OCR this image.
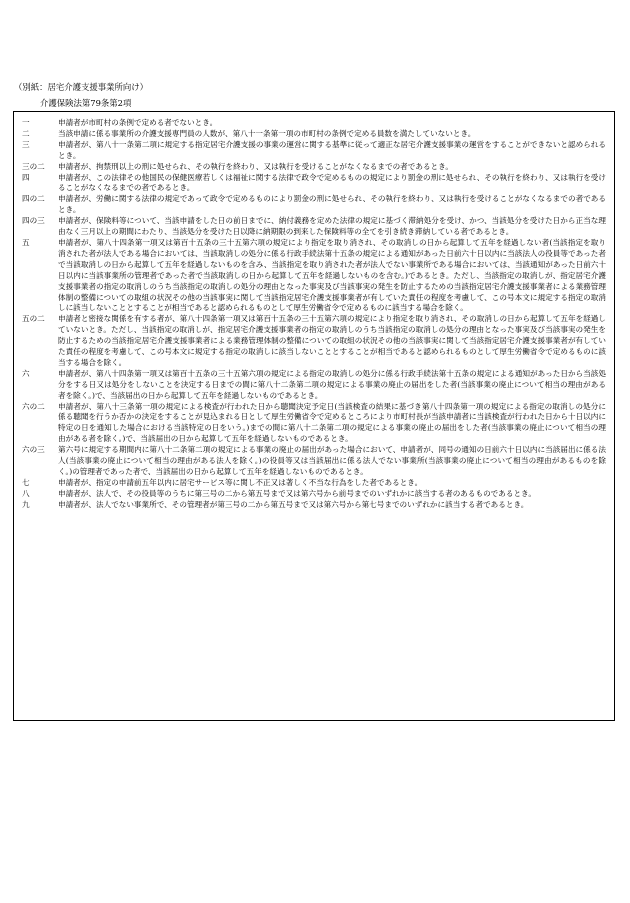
（別紙：居宅介護支援事業所向け）
介護保険法第79条第2項
一	申請者が市町村の条例で定める者でないとき。
二	当該申請に係る事業所の介護支援専門員の人数が、第八十一条第一項の市町村の条例で定める員数を満たしていないとき。
三	申請者が、第八十一条第二項に規定する指定居宅介護支援の事業の運営に関する基準に従って適正な居宅介護支援事業の運営をすることができないと認められるとき。
三の二	申請者が、拘禁刑以上の刑に処せられ、その執行を終わり、又は執行を受けることがなくなるまでの者であるとき。
四	申請者が、この法律その他国民の保健医療若しくは福祉に関する法律で政令で定めるものの規定により罰金の刑に処せられ、その執行を終わり、又は執行を受けることがなくなるまでの者であるとき。
四の二	申請者が、労働に関する法律の規定であって政令で定めるものにより罰金の刑に処せられ、その執行を終わり、又は執行を受けることがなくなるまでの者であるとき。
四の三	申請者が、保険料等について、当該申請をした日の前日までに、納付義務を定めた法律の規定に基づく滞納処分を受け、かつ、当該処分を受けた日から正当な理由なく三月以上の期間にわたり、当該処分を受けた日以降に納期限の到来した保険料等の全てを引き続き滞納している者であるとき。
五	申請者が、第八十四条第一項又は第百十五条の三十五第六項の規定により指定を取り消され、その取消しの日から起算して五年を経過しない者(当該指定を取り消された者が法人である場合においては、当該取消しの処分に係る行政手続法第十五条の規定による通知があった日前六十日以内に当該法人の役員等であった者で当該取消しの日から起算して五年を経過しないものを含み、当該指定を取り消された者が法人でない事業所である場合においては、当該通知があった日前六十日以内に当該事業所の管理者であった者で当該取消しの日から起算して五年を経過しないものを含む。)であるとき。ただし、当該指定の取消しが、指定居宅介護支援事業者の指定の取消しのうち当該指定の取消しの処分の理由となった事実及び当該事実の発生を防止するための当該指定居宅介護支援事業者による業務管理体制の整備についての取組の状況その他の当該事実に関して当該指定居宅介護支援事業者が有していた責任の程度を考慮して、この号本文に規定する指定の取消しに該当しないこととすることが相当であると認められるものとして厚生労働省令で定めるものに該当する場合を除く。
五の二	申請者と密接な関係を有する者が、第八十四条第一項又は第百十五条の三十五第六項の規定により指定を取り消され、その取消しの日から起算して五年を経過していないとき。ただし、当該指定の取消しが、指定居宅介護支援事業者の指定の取消しのうち当該指定の取消しの処分の理由となった事実及び当該事実の発生を防止するための当該指定居宅介護支援事業者による業務管理体制の整備についての取組の状況その他の当該事実に関して当該指定居宅介護支援事業者が有していた責任の程度を考慮して、この号本文に規定する指定の取消しに該当しないこととすることが相当であると認められるものとして厚生労働省令で定めるものに該当する場合を除く。
六	申請者が、第八十四条第一項又は第百十五条の三十五第六項の規定による指定の取消しの処分に係る行政手続法第十五条の規定による通知があった日から当該処分をする日又は処分をしないことを決定する日までの間に第八十二条第二項の規定による事業の廃止の届出をした者(当該事業の廃止について相当の理由がある者を除く。)で、当該届出の日から起算して五年を経過しないものであるとき。
六の二	申請者が、第八十三条第一項の規定による検査が行われた日から聴聞決定予定日(当該検査の結果に基づき第八十四条第一項の規定による指定の取消しの処分に係る聴聞を行うか否かの決定をすることが見込まれる日として厚生労働省令で定めるところにより市町村長が当該申請者に当該検査が行われた日から十日以内に特定の日を通知した場合における当該特定の日をいう。)までの間に第八十二条第二項の規定による事業の廃止の届出をした者(当該事業の廃止について相当の理由がある者を除く。)で、当該届出の日から起算して五年を経過しないものであるとき。
六の三	第六号に規定する期間内に第八十二条第二項の規定による事業の廃止の届出があった場合において、申請者が、同号の通知の日前六十日以内に当該届出に係る法人(当該事業の廃止について相当の理由がある法人を除く。)の役員等又は当該届出に係る法人でない事業所(当該事業の廃止について相当の理由があるものを除く。)の管理者であった者で、当該届出の日から起算して五年を経過しないものであるとき。
七	申請者が、指定の申請前五年以内に居宅サービス等に関し不正又は著しく不当な行為をした者であるとき。
八	申請者が、法人で、その役員等のうちに第三号の二から第五号まで又は第六号から前号までのいずれかに該当する者のあるものであるとき。
九	申請者が、法人でない事業所で、その管理者が第三号の二から第五号まで又は第六号から第七号までのいずれかに該当する者であるとき。
